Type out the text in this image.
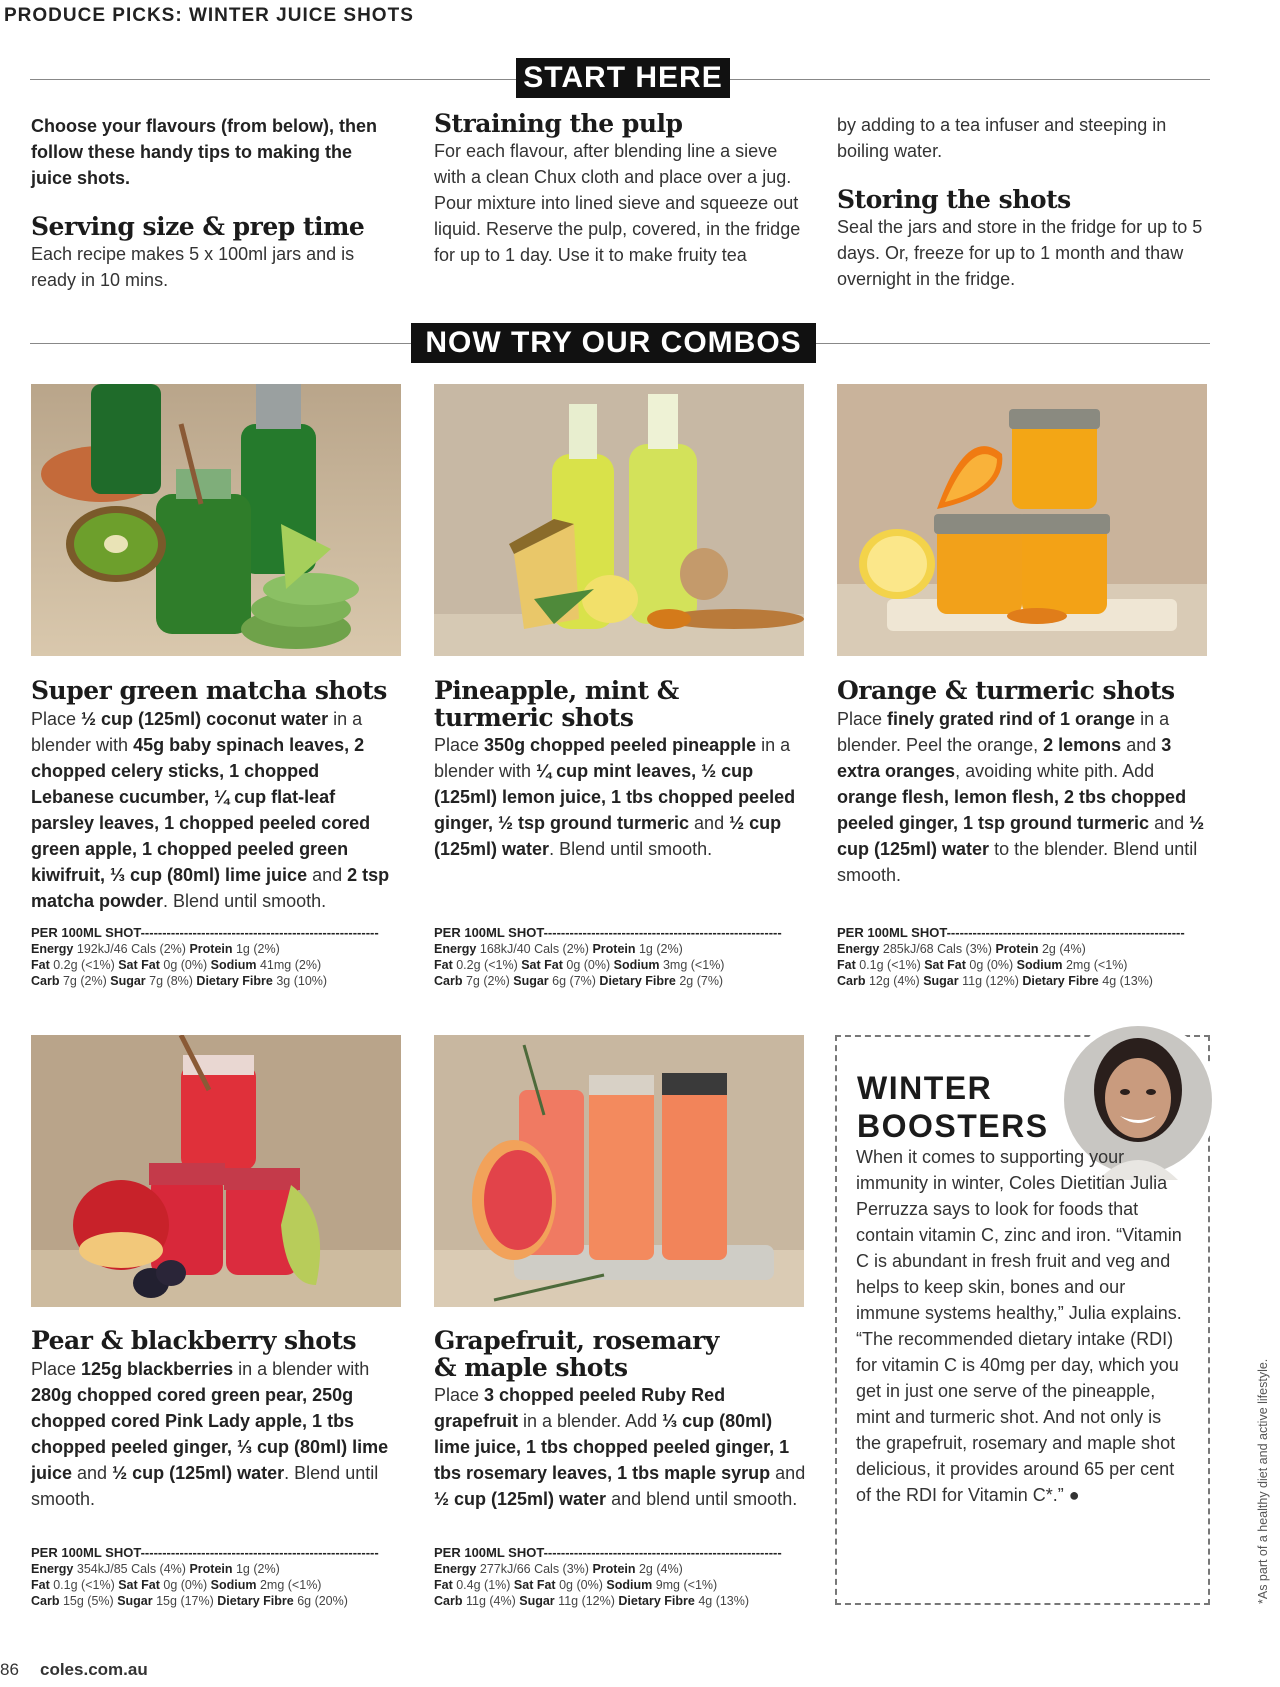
PRODUCE PICKS: WINTER JUICE SHOTS
START HERE
Choose your flavours (from below), then follow these handy tips to making the juice shots.
Serving size & prep time
Each recipe makes 5 x 100ml jars and is ready in 10 mins.
Straining the pulp
For each flavour, after blending line a sieve with a clean Chux cloth and place over a jug. Pour mixture into lined sieve and squeeze out liquid. Reserve the pulp, covered, in the fridge for up to 1 day. Use it to make fruity tea
by adding to a tea infuser and steeping in boiling water.
Storing the shots
Seal the jars and store in the fridge for up to 5 days. Or, freeze for up to 1 month and thaw overnight in the fridge.
NOW TRY OUR COMBOS
Super green matcha shots
Place ½ cup (125ml) coconut water in a blender with 45g baby spinach leaves, 2 chopped celery sticks, 1 chopped Lebanese cucumber, ¼ cup flat-leaf parsley leaves, 1 chopped peeled cored green apple, 1 chopped peeled green kiwifruit, ⅓ cup (80ml) lime juice and 2 tsp matcha powder. Blend until smooth.
PER 100ML SHOT-------------------------------------------------------
Energy 192kJ/46 Cals (2%) Protein 1g (2%)
Fat 0.2g (<1%) Sat Fat 0g (0%) Sodium 41mg (2%)
Carb 7g (2%) Sugar 7g (8%) Dietary Fibre 3g (10%)
Pineapple, mint & turmeric shots
Place 350g chopped peeled pineapple in a blender with ¼ cup mint leaves, ½ cup (125ml) lemon juice, 1 tbs chopped peeled ginger, ½ tsp ground turmeric and ½ cup (125ml) water. Blend until smooth.
PER 100ML SHOT-------------------------------------------------------
Energy 168kJ/40 Cals (2%) Protein 1g (2%)
Fat 0.2g (<1%) Sat Fat 0g (0%) Sodium 3mg (<1%)
Carb 7g (2%) Sugar 6g (7%) Dietary Fibre 2g (7%)
Orange & turmeric shots
Place finely grated rind of 1 orange in a blender. Peel the orange, 2 lemons and 3 extra oranges, avoiding white pith. Add orange flesh, lemon flesh, 2 tbs chopped peeled ginger, 1 tsp ground turmeric and ½ cup (125ml) water to the blender. Blend until smooth.
PER 100ML SHOT-------------------------------------------------------
Energy 285kJ/68 Cals (3%) Protein 2g (4%)
Fat 0.1g (<1%) Sat Fat 0g (0%) Sodium 2mg (<1%)
Carb 12g (4%) Sugar 11g (12%) Dietary Fibre 4g (13%)
Pear & blackberry shots
Place 125g blackberries in a blender with 280g chopped cored green pear, 250g chopped cored Pink Lady apple, 1 tbs chopped peeled ginger, ⅓ cup (80ml) lime juice and ½ cup (125ml) water. Blend until smooth.
PER 100ML SHOT-------------------------------------------------------
Energy 354kJ/85 Cals (4%) Protein 1g (2%)
Fat 0.1g (<1%) Sat Fat 0g (0%) Sodium 2mg (<1%)
Carb 15g (5%) Sugar 15g (17%) Dietary Fibre 6g (20%)
Grapefruit, rosemary & maple shots
Place 3 chopped peeled Ruby Red grapefruit in a blender. Add ⅓ cup (80ml) lime juice, 1 tbs chopped peeled ginger, 1 tbs rosemary leaves, 1 tbs maple syrup and ½ cup (125ml) water and blend until smooth.
PER 100ML SHOT-------------------------------------------------------
Energy 277kJ/66 Cals (3%) Protein 2g (4%)
Fat 0.4g (1%) Sat Fat 0g (0%) Sodium 9mg (<1%)
Carb 11g (4%) Sugar 11g (12%) Dietary Fibre 4g (13%)
WINTER BOOSTERS
When it comes to supporting your immunity in winter, Coles Dietitian Julia Perruzza says to look for foods that contain vitamin C, zinc and iron. “Vitamin C is abundant in fresh fruit and veg and helps to keep skin, bones and our immune systems healthy,” Julia explains. “The recommended dietary intake (RDI) for vitamin C is 40mg per day, which you get in just one serve of the pineapple, mint and turmeric shot. And not only is the grapefruit, rosemary and maple shot delicious, it provides around 65 per cent of the RDI for Vitamin C*.” ●	*As part of a healthy diet and active lifestyle.
86 coles.com.au
